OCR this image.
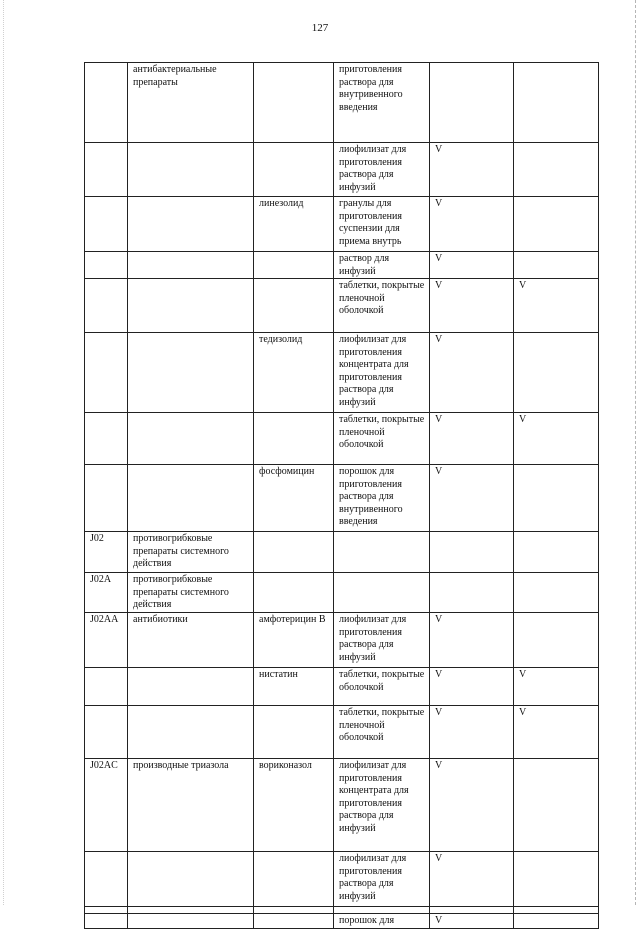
127
	антибактериальные препараты		приготовления раствора для внутривенного введения		
			лиофилизат для приготовления раствора для инфузий	V	
		линезолид	гранулы для приготовления суспензии для приема внутрь	V	
			раствор для инфузий	V	
			таблетки, покрытые пленочной оболочкой	V	V
		тедизолид	лиофилизат для приготовления концентрата для приготовления раствора для инфузий	V	
			таблетки, покрытые пленочной оболочкой	V	V
		фосфомицин	порошок для приготовления раствора для внутривенного введения	V	
J02	противогрибковые препараты системного действия				
J02A	противогрибковые препараты системного действия				
J02AA	антибиотики	амфотерицин В	лиофилизат для приготовления раствора для инфузий	V	
		нистатин	таблетки, покрытые оболочкой	V	V
			таблетки, покрытые пленочной оболочкой	V	V
J02AC	производные триазола	вориконазол	лиофилизат для приготовления концентрата для приготовления раствора для инфузий	V	
			лиофилизат для приготовления раствора для инфузий	V	

			порошок для	V	
